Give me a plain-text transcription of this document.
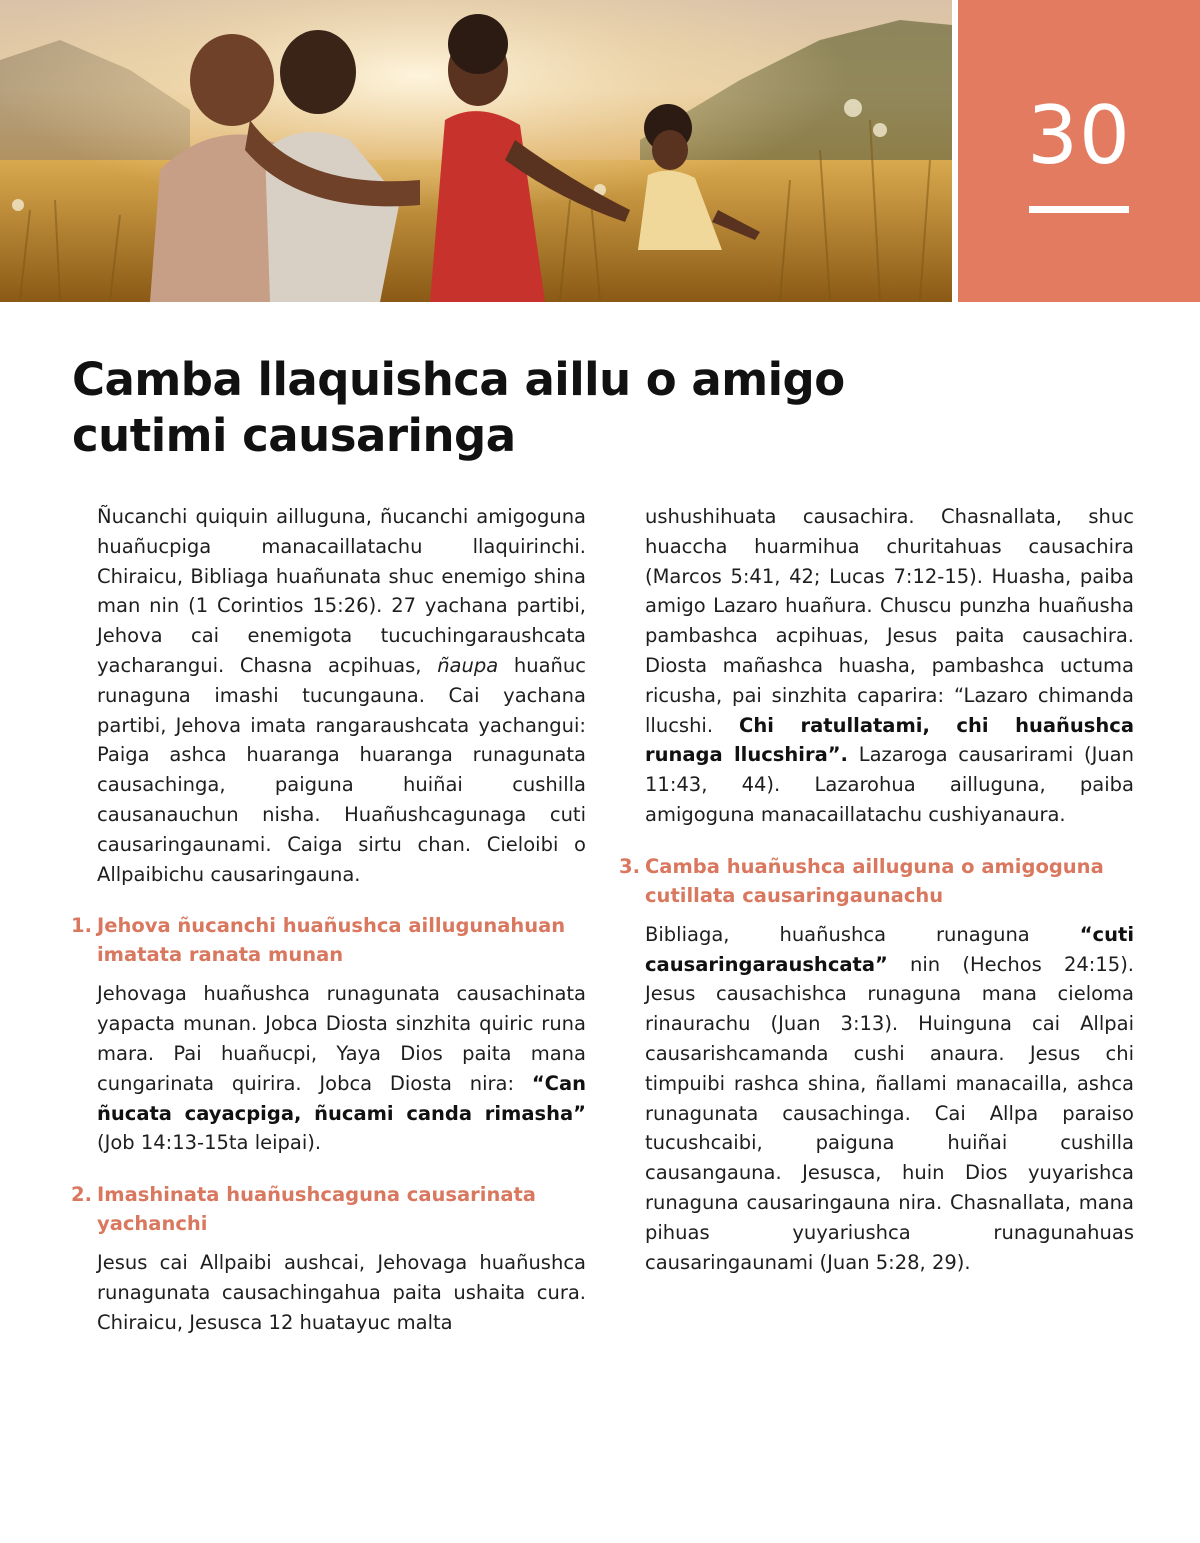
30
Camba llaquishca aillu o amigo
cutimi causaringa

Ñucanchi quiquin ailluguna, ñucanchi amigoguna huañucpiga manacaillatachu llaquirinchi. Chiraicu, Bibliaga huañunata shuc enemigo shina man nin (1 Corintios 15:26). 27 yachana partibi, Jehova cai enemigota tucuchingaraushcata yacharangui. Chasna acpihuas, ñaupa huañuc runaguna imashi tucungauna. Cai yachana partibi, Jehova imata rangaraushcata yachangui: Paiga ashca huaranga huaranga runagunata causachinga, paiguna huiñai cushilla causanauchun nisha. Huañushcagunaga cuti causaringaunami. Caiga sirtu chan. Cieloibi o Allpaibichu causaringauna.

1. Jehova ñucanchi huañushca aillugunahuan imatata ranata munan

Jehovaga huañushca runagunata causachinata yapacta munan. Jobca Diosta sinzhita quiric runa mara. Pai huañucpi, Yaya Dios paita mana cungarinata quirira. Jobca Diosta nira: “Can ñucata cayacpiga, ñucami canda rimasha” (Job 14:13-15ta leipai).

2. Imashinata huañushcaguna causarinata yachanchi

Jesus cai Allpaibi aushcai, Jehovaga huañushca runagunata causachingahua paita ushaita cura. Chiraicu, Jesusca 12 huatayuc malta

ushushihuata causachira. Chasnallata, shuc huaccha huarmihua churitahuas causachira (Marcos 5:41, 42; Lucas 7:12-15). Huasha, paiba amigo Lazaro huañura. Chuscu punzha huañusha pambashca acpihuas, Jesus paita causachira. Diosta mañashca huasha, pambashca uctuma ricusha, pai sinzhita caparira: “Lazaro chimanda llucshi. Chi ratullatami, chi huañushca runaga llucshira”. Lazaroga causarirami (Juan 11:43, 44). Lazarohua ailluguna, paiba amigoguna manacaillatachu cushiyanaura.

3. Camba huañushca ailluguna o amigoguna cutillata causaringaunachu

Bibliaga, huañushca runaguna “cuti causaringaraushcata” nin (Hechos 24:15). Jesus causachishca runaguna mana cieloma rinaurachu (Juan 3:13). Huinguna cai Allpai causarishcamanda cushi anaura. Jesus chi timpuibi rashca shina, ñallami manacailla, ashca runagunata causachinga. Cai Allpa paraiso tucushcaibi, paiguna huiñai cushilla causangauna. Jesusca, huin Dios yuyarishca runaguna causaringauna nira. Chasnallata, mana pihuas yuyariushca runagunahuas causaringaunami (Juan 5:28, 29).
